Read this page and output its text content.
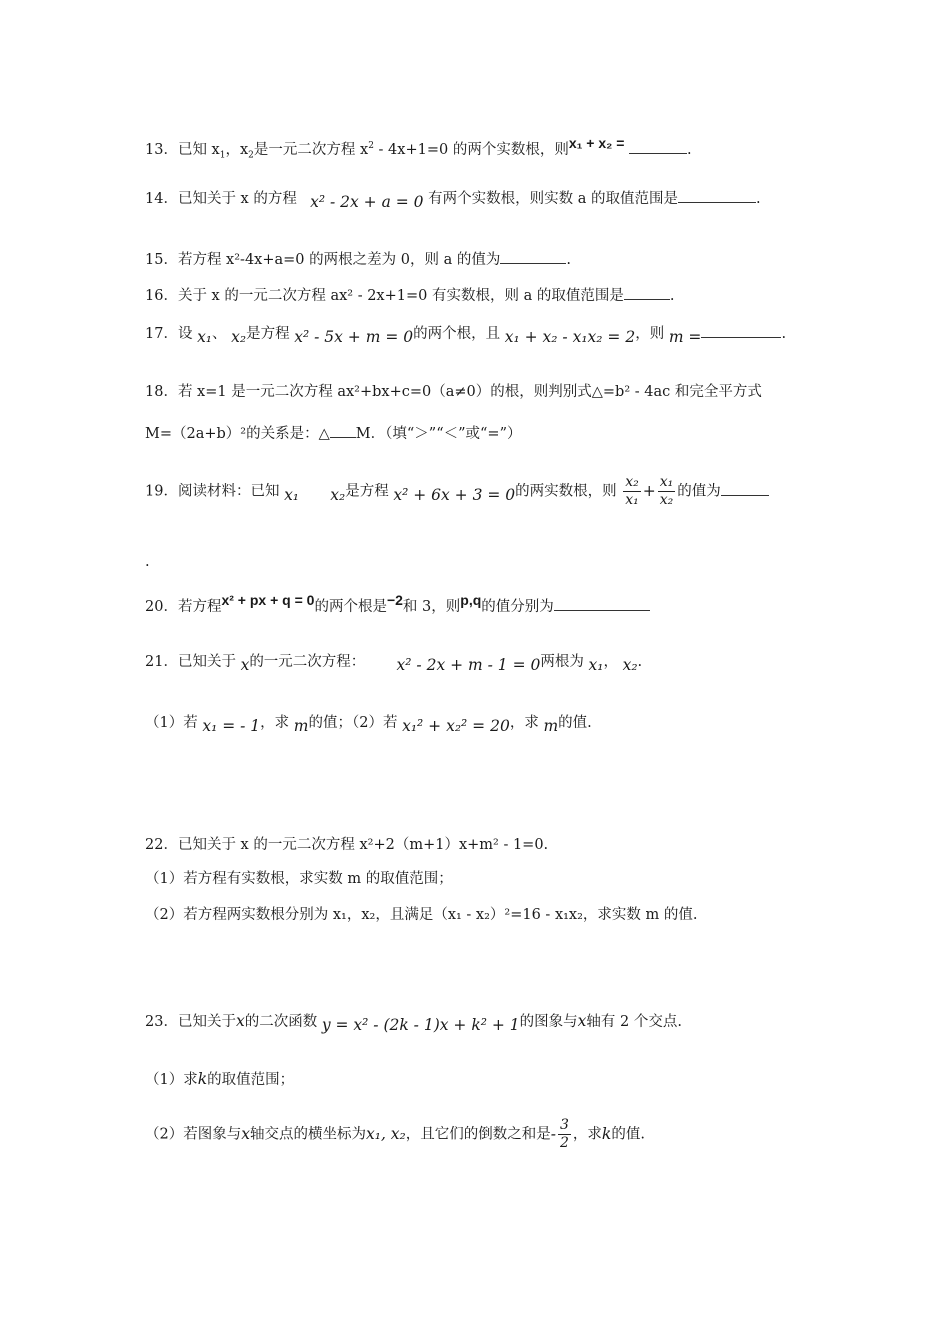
13．已知 $x_1$，$x_2$是一元二次方程 $x^2 - 4x+1=0$ 的两个实数根，则x₁ + x₂ =	.
14．已知关于 x 的方程 x² - 2x + a = 0 有两个实数根，则实数 a 的取值范围是	.
15．若方程 x²-4x+a=0 的两根之差为 0，则 a 的值为	.
16．关于 x 的一元二次方程 ax² - 2x+1=0 有实数根，则 a 的取值范围是	.
17．设 x₁、 x₂是方程 x² - 5x + m = 0的两个根，且 x₁ + x₂ - x₁x₂ = 2，则 m =	.
18．若 x=1 是一元二次方程 ax²+bx+c=0（a≠0）的根，则判别式△=b² - 4ac 和完全平方式
M=（2a+b）²的关系是：△ M．（填“＞”“＜”或“=”）
19．阅读材料：已知 x₁ x₂是方程 x² + 6x + 3 = 0的两实数根，则 $\frac{\text{x₂}}{\text{x₁}} + \frac{\text{x₁}}{\text{x₂}}$ 的值为
.
20．若方程x² + px + q = 0的两个根是−2和 3，则p,q的值分别为
21．已知关于 x的一元二次方程： x² - 2x + m - 1 = 0两根为 x₁， x₂.
（1）若 x₁ = - 1，求 m的值；（2）若 x₁² + x₂² = 20，求 m的值.
22．已知关于 x 的一元二次方程 x²+2（m+1）x+m² - 1=0.
（1）若方程有实数根，求实数 m 的取值范围；
（2）若方程两实数根分别为 x₁，x₂，且满足（x₁ - x₂）²=16 - x₁x₂，求实数 m 的值.
23．已知关于x的二次函数 y = x² - (2k - 1)x + k² + 1的图象与x轴有 2 个交点.
（1）求k的取值范围；
（2）若图象与x轴交点的横坐标为x₁, x₂，且它们的倒数之和是- $\frac{3}{2}$ ，求k的值.
